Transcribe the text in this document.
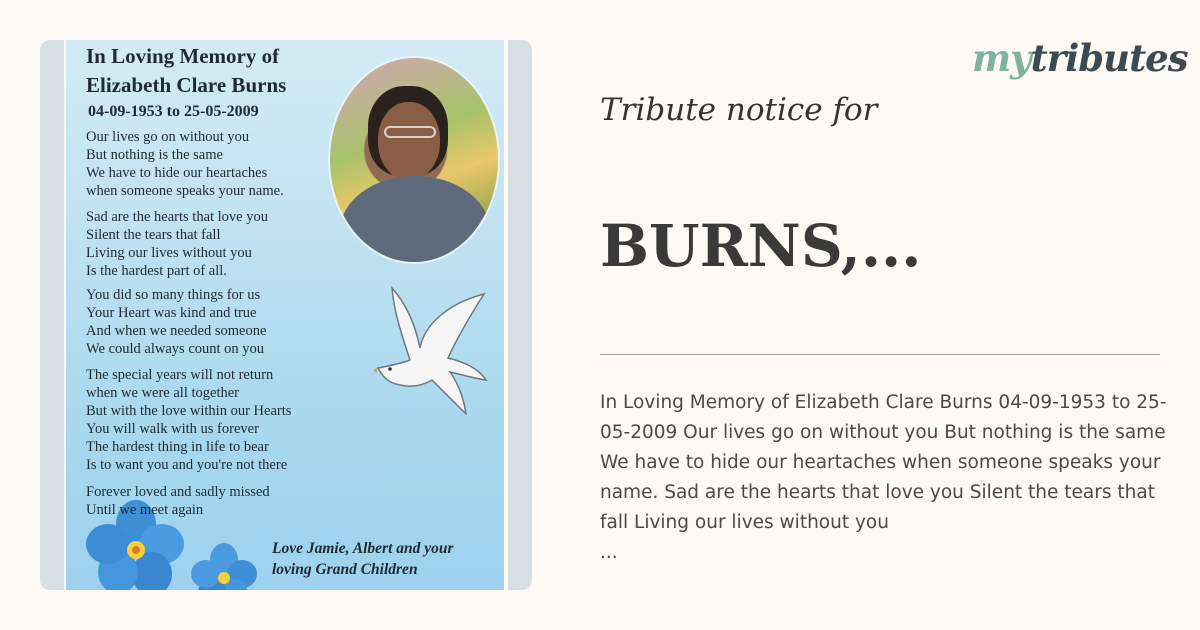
In Loving Memory of
Elizabeth Clare Burns
04-09-1953 to 25-05-2009
Our lives go on without you
But nothing is the same
We have to hide our heartaches
when someone speaks your name.
Sad are the hearts that love you
Silent the tears that fall
Living our lives without you
Is the hardest part of all.
You did so many things for us
Your Heart was kind and true
And when we needed someone
We could always count on you
The special years will not return
when we were all together
But with the love within our Hearts
You will walk with us forever
The hardest thing in life to bear
Is to want you and you're not there
Forever loved and sadly missed
Until we meet again
Love Jamie, Albert and your
loving Grand Children
mytributes
Tribute notice for
BURNS,...
In Loving Memory of Elizabeth Clare Burns 04-09-1953 to 25-05-2009 Our lives go on without you But nothing is the same We have to hide our heartaches when someone speaks your name. Sad are the hearts that love you Silent the tears that fall Living our lives without you
...
